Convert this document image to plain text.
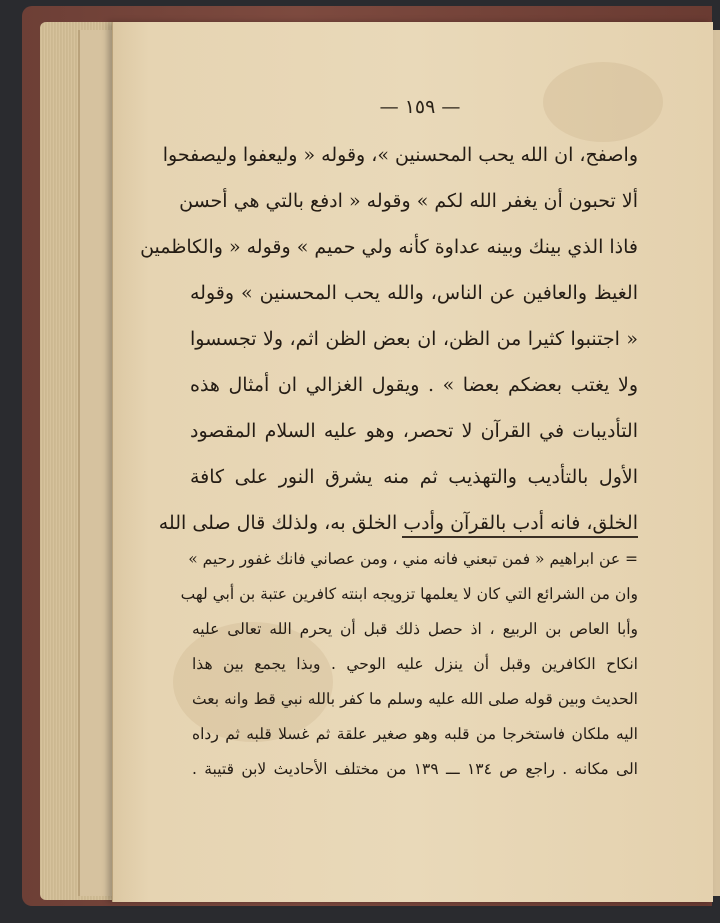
— ١٥٩ —
واصفح، ان الله يحب المحسنين »، وقوله « وليعفوا وليصفحوا
ألا تحبون أن يغفر الله لكم » وقوله « ادفع بالتي هي أحسن
فاذا الذي بينك وبينه عداوة كأنه ولي حميم » وقوله « والكاظمين
الغيظ والعافين عن الناس، والله يحب المحسنين » وقوله
« اجتنبوا كثيرا من الظن، ان بعض الظن اثم، ولا تجسسوا
ولا يغتب بعضكم بعضا » . ويقول الغزالي ان أمثال هذه
التأديبات في القرآن لا تحصر، وهو عليه السلام المقصود
الأول بالتأديب والتهذيب ثم منه يشرق النور على كافة
الخلق، فانه أدب بالقرآن وأدب الخلق به، ولذلك قال صلى الله
= عن ابراهيم « فمن تبعني فانه مني ، ومن عصاني فانك غفور رحيم »
وان من الشرائع التي كان لا يعلمها تزويجه ابنته كافرين عتبة بن أبي لهب
وأبا العاص بن الربيع ، اذ حصل ذلك قبل أن يحرم الله تعالى عليه
انكاح الكافرين وقبل أن ينزل عليه الوحي . وبذا يجمع بين هذا
الحديث وبين قوله صلى الله عليه وسلم ما كفر بالله نبي قط وانه بعث
اليه ملكان فاستخرجا من قلبه وهو صغير علقة ثم غسلا قلبه ثم رداه
الى مكانه . راجع ص ١٣٤ ـــ ١٣٩ من مختلف الأحاديث لابن قتيبة .
